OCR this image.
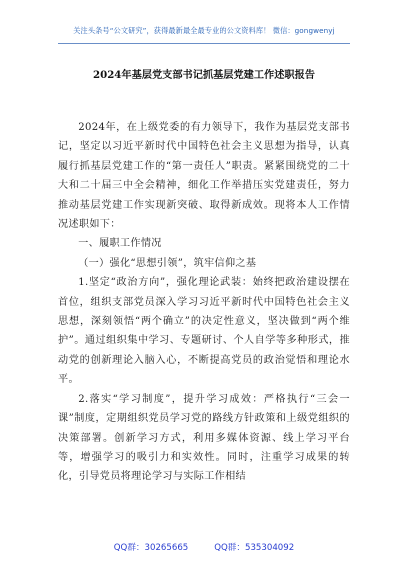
关注头条号“公文研究”，获得最新最全最专业的公文资料库！ 微信：gongwenyj
2024年基层党支部书记抓基层党建工作述职报告

2024年，在上级党委的有力领导下，我作为基层党支部书记，坚定以习近平新时代中国特色社会主义思想为指导，认真履行抓基层党建工作的“第一责任人”职责。紧紧围绕党的二十大和二十届三中全会精神，细化工作举措压实党建责任，努力推动基层党建工作实现新突破、取得新成效。现将本人工作情况述职如下：

一、履职工作情况

（一）强化“思想引领”，筑牢信仰之基

1.坚定“政治方向”，强化理论武装：始终把政治建设摆在首位，组织支部党员深入学习习近平新时代中国特色社会主义思想，深刻领悟“两个确立”的决定性意义，坚决做到“两个维护”。通过组织集中学习、专题研讨、个人自学等多种形式，推动党的创新理论入脑入心，不断提高党员的政治觉悟和理论水平。

2.落实“学习制度”，提升学习成效：严格执行“三会一课”制度，定期组织党员学习党的路线方针政策和上级党组织的决策部署。创新学习方式，利用多媒体资源、线上学习平台等，增强学习的吸引力和实效性。同时，注重学习成果的转化，引导党员将理论学习与实际工作相结

QQ群：30265665	QQ群：535304092
